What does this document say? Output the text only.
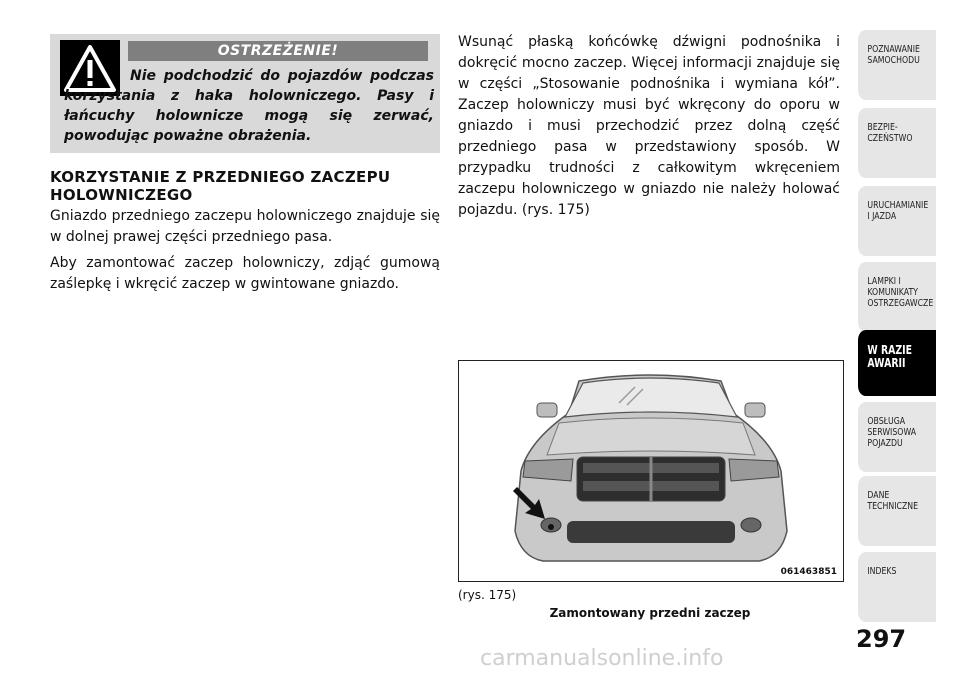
OSTRZEŻENIE!
Nie podchodzić do pojazdów podczas korzystania z haka holowniczego. Pasy i łańcuchy holownicze mogą się zerwać, powodując poważne obrażenia.
KORZYSTANIE Z PRZEDNIEGO ZACZEPU HOLOWNICZEGO
Gniazdo przedniego zaczepu holowniczego znajduje się w dolnej prawej części przedniego pasa.
Aby zamontować zaczep holowniczy, zdjąć gumową zaślepkę i wkręcić zaczep w gwintowane gniazdo.
Wsunąć płaską końcówkę dźwigni podnośnika i dokręcić mocno zaczep. Więcej informacji znajduje się w części „Stosowanie podnośnika i wymiana kół”. Zaczep holowniczy musi być wkręcony do oporu w gniazdo i musi przechodzić przez dolną część przedniego pasa w przedstawiony sposób. W przypadku trudności z całkowitym wkręceniem zaczepu holowniczego w gniazdo nie należy holować pojazdu. (rys. 175)
061463851
(rys. 175)
Zamontowany przedni zaczep
POZNAWANIE
SAMOCHODU
BEZPIE-
CZEŃSTWO
URUCHAMIANIE
I JAZDA
LAMPKI I
KOMUNIKATY
OSTRZEGAWCZE
W RAZIE
AWARII
OBSŁUGA
SERWISOWA
POJAZDU
DANE
TECHNICZNE
INDEKS
297
carmanualsonline.info
